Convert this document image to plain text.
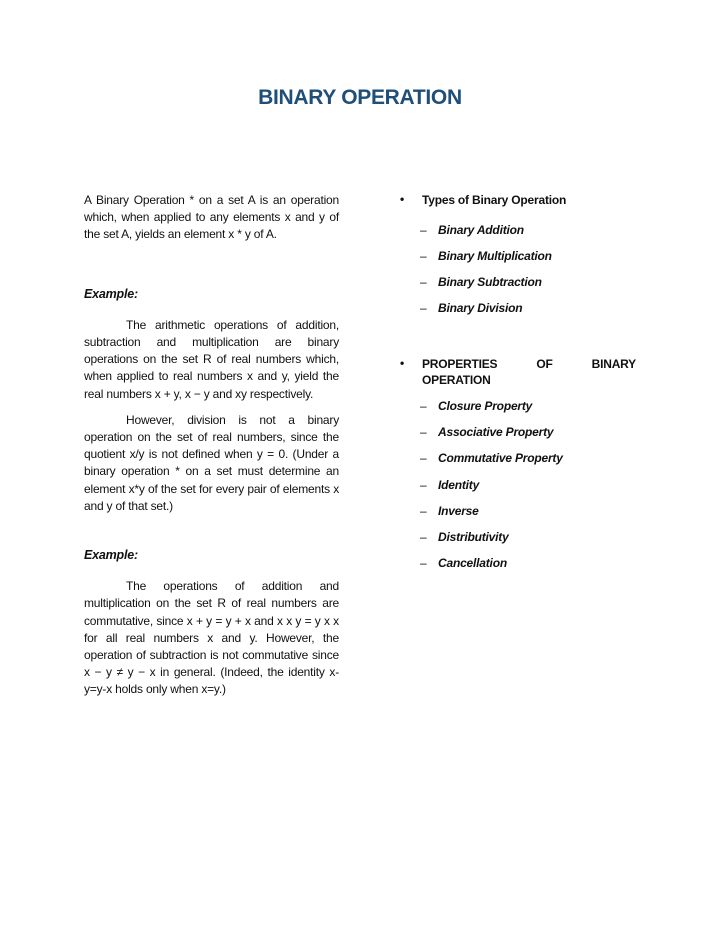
BINARY OPERATION

A Binary Operation * on a set A is an operation which, when applied to any elements x and y of the set A, yields an element x * y of A.

Example:

The arithmetic operations of addition, subtraction and multiplication are binary operations on the set R of real numbers which, when applied to real numbers x and y, yield the real numbers x + y, x − y and xy respectively.

However, division is not a binary operation on the set of real numbers, since the quotient x/y is not defined when y = 0. (Under a binary operation * on a set must determine an element x*y of the set for every pair of elements x and y of that set.)

Example:

The operations of addition and multiplication on the set R of real numbers are commutative, since x + y = y + x and x x y = y x x for all real numbers x and y. However, the operation of subtraction is not commutative since x − y ≠ y − x in general. (Indeed, the identity x-y=y-x holds only when x=y.)

• Types of Binary Operation
– Binary Addition
– Binary Multiplication
– Binary Subtraction
– Binary Division
• PROPERTIES	OF	BINARY
OPERATION
– Closure Property
– Associative Property
– Commutative Property
– Identity
– Inverse
– Distributivity
– Cancellation
